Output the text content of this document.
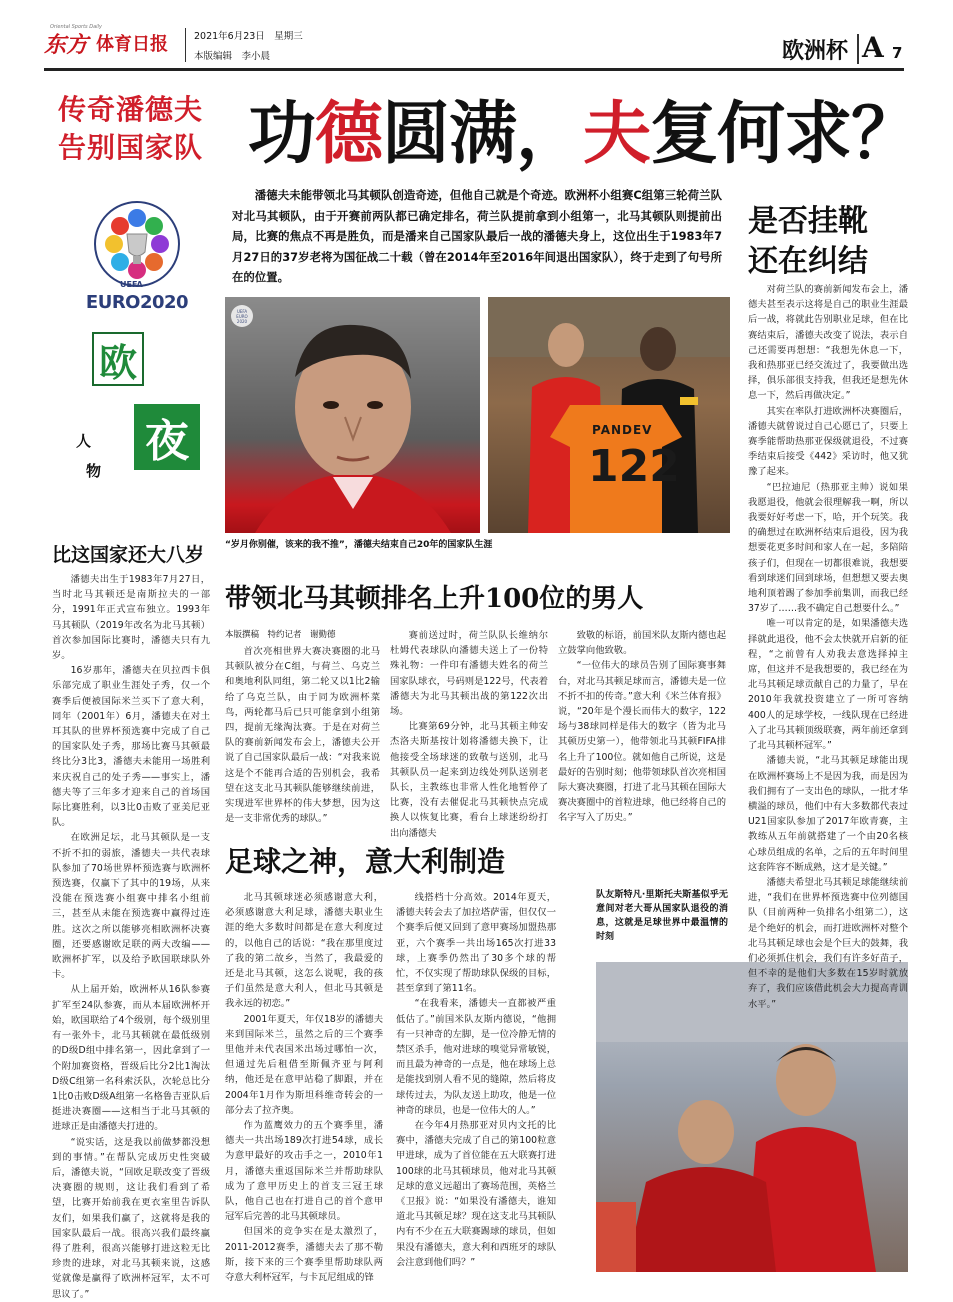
东方 体育日报
Oriental Sports Daily
2021年6月23日　星期三
本版编辑　李小晨	欧洲杯 A 7
传奇潘德夫
告别国家队 功德圆满，夫复何求？
潘德夫未能带领北马其顿队创造奇迹，但他自己就是个奇迹。欧洲杯小组赛C组第三轮荷兰队对北马其顿队，由于开赛前两队都已确定排名，荷兰队提前拿到小组第一，北马其顿队则提前出局，比赛的焦点不再是胜负，而是潘来自己国家队最后一战的潘德夫身上，这位出生于1983年7月27日的37岁老将为国征战二十载（曾在2014年至2016年间退出国家队），终于走到了句号所在的位置。
是否挂靴
还在纠结
UEFA
EURO2020
欧
夜
人
物
UEFA EURO 2020
“岁月你别催，该来的我不推”，潘德夫结束自己20年的国家队生涯
PANDEV
122
比这国家还大八岁

潘德夫出生于1983年7月27日，当时北马其顿还是南斯拉夫的一部分，1991年正式宣布独立。1993年马其顿队（2019年改名为北马其顿）首次参加国际比赛时，潘德夫只有九岁。

16岁那年，潘德夫在贝拉西卡俱乐部完成了职业生涯处子秀，仅一个赛季后便被国际米兰买下了意大利，同年（2001年）6月，潘德夫在对土耳其队的世界杯预选赛中完成了自己的国家队处子秀，那场比赛马其顿最终比分3比3，潘德夫未能用一场胜利来庆祝自己的处子秀——事实上，潘德夫等了三年多才迎来自己的首场国际比赛胜利，以3比0击败了亚美尼亚队。

在欧洲足坛，北马其顿队是一支不折不扣的弱旅，潘德夫一共代表球队参加了70场世界杯预选赛与欧洲杯预选赛，仅赢下了其中的19场，从来没能在预选赛小组赛中排名小组前三，甚至从未能在预选赛中赢得过连胜。这次之所以能够亮相欧洲杯决赛圈，还要感谢欧足联的两大改编——欧洲杯扩军，以及给予欧国联球队外卡。

从上届开始，欧洲杯从16队参赛扩军至24队参赛，而从本届欧洲杯开始，欧国联给了4个级别，每个级别里有一张外卡，北马其顿就在最低级别的D级D组中排名第一，因此拿到了一个附加赛资格，晋级后比分2比1淘汰D级C组第一名科索沃队，次轮总比分1比0击败D级A组第一名格鲁吉亚队后挺进决赛圈——这相当于北马其顿的进球正是由潘德夫打进的。

“说实话，这是我以前做梦都没想到的事情。”在帮队完成历史性突破后，潘德夫说，“回欧足联改变了晋级决赛圈的规则，这让我们看到了希望，比赛开始前我在更衣室里告诉队友们，如果我们赢了，这就将是我的国家队最后一战。很高兴我们最终赢得了胜利，很高兴能够打进这粒无比珍贵的进球，对北马其顿来说，这感觉就像是赢得了欧洲杯冠军，太不可思议了。”

带领北马其顿排名上升100位的男人
本版撰稿　特约记者　谢勤德

首次亮相世界大赛决赛圈的北马其顿队被分在C组，与荷兰、乌克兰和奥地利队同组，第二轮又以1比2输给了乌克兰队，由于同为欧洲杯菜鸟，两轮都马后已只可能拿到小组第四，提前无缘淘汰赛。于是在对荷兰队的赛前新闻发布会上，潘德夫公开说了自己国家队最后一战：“对我来说这是个不能再合适的告别机会，我希望在这支北马其顿队能够继续前进，实现进军世界杯的伟大梦想，因为这是一支非常优秀的球队。”

赛前送过时，荷兰队队长维纳尔杜姆代表球队向潘德夫送上了一份特殊礼物：一件印有潘德夫姓名的荷兰国家队球衣，号码则是122号，代表着潘德夫为北马其顿出战的第122次出场。

比赛第69分钟，北马其顿主帅安杰洛夫斯基按计划将潘德夫换下，让他接受全场球迷的致敬与送别，北马其顿队员一起来到边线处列队送别老队长，主教练也非常人性化地暂停了比赛，没有去催促北马其顿快点完成换人以恢复比赛，看台上球迷纷纷打出向潘德夫

致敬的标语，前国米队友斯内德也起立鼓掌向他致敬。

“一位伟大的球员告别了国际赛事舞台，对北马其顿足球而言，潘德夫是一位不折不扣的传奇。”意大利《米兰体育报》说，“20年是个漫长而伟大的数字，122场与38球同样是伟大的数字（皆为北马其顿历史第一），他带领北马其顿FIFA排名上升了100位。就如他自己所说，这是最好的告别时刻；他带领球队首次亮相国际大赛决赛圈，打进了北马其顿在国际大赛决赛圈中的首粒进球，他已经将自己的名字写入了历史。”

足球之神，意大利制造

北马其顿球迷必须感谢意大利，必须感谢意大利足球，潘德夫职业生涯的绝大多数时间都是在意大利度过的，以他自己的话说：“我在那里度过了我的第二故乡，当然了，我最爱的还是北马其顿，这怎么说呢，我的孩子们虽然是意大利人，但北马其顿是我永远的初恋。”

2001年夏天，年仅18岁的潘德夫来到国际米兰，虽然之后的三个赛季里他并未代表国米出场过哪怕一次，但通过先后租借至斯佩齐亚与阿利纳，他还是在意甲站稳了脚跟，并在2004年1月作为斯坦科维奇转会的一部分去了拉齐奥。

作为蓝鹰效力的五个赛季里，潘德夫一共出场189次打进54球，成长为意甲最好的攻击手之一，2010年1月，潘德夫重返国际米兰并帮助球队成为了意甲历史上的首支三冠王球队，他自己也在打进自己的首个意甲冠军后完善的北马其顿球员。

但国米的竞争实在是太激烈了，2011-2012赛季，潘德夫去了那不勒斯，接下来的三个赛季里帮助球队两夺意大利杯冠军，与卡瓦尼组成的锋

线搭档十分高效。2014年夏天，潘德夫转会去了加拉塔萨雷，但仅仅一个赛季后便又回到了意甲赛场加盟热那亚，六个赛季一共出场165次打进33球，上赛季仍然出了30多个球的帮忙，不仅实现了帮助球队保级的目标，甚至拿到了第11名。

“在我看来，潘德夫一直都被严重低估了。”前国米队友斯内德说，“他拥有一只神奇的左脚，是一位冷静无情的禁区杀手，他对进球的嗅觉异常敏锐，而且最为神奇的一点是，他在球场上总是能找到别人看不见的缝隙，然后将皮球传过去，为队友送上助攻，他是一位神奇的球员，也是一位伟大的人。”

在今年4月热那亚对贝内文托的比赛中，潘德夫完成了自己的第100粒意甲进球，成为了首位能在五大联赛打进100球的北马其顿球员，他对北马其顿足球的意义远超出了赛场范围，英格兰《卫报》说：“如果没有潘德夫，谁知道北马其顿足球？现在这支北马其顿队内有不少在五大联赛踢球的球员，但如果没有潘德夫，意大利和西班牙的球队会注意到他们吗？”

队友斯特凡·里斯托夫斯基似乎无意间对老大哥从国家队退役的消息，这就是足球世界中最温情的时刻

对荷兰队的赛前新闻发布会上，潘德夫甚至表示这将是自己的职业生涯最后一战，将就此告别职业足球，但在比赛结束后，潘德夫改变了说法，表示自己还需要再想想：“我想先休息一下，我和热那亚已经交流过了，我要做出选择，俱乐部很支持我，但我还是想先休息一下，然后再做决定。”

其实在率队打进欧洲杯决赛圈后，潘德夫就曾说过自己心愿已了，只要上赛季能帮助热那亚保级就退役，不过赛季结束后接受《442》采访时，他又犹豫了起来。

“巴拉迪尼（热那亚主帅）说如果我愿退役，他就会很理解我一啊，所以我要好好考虑一下，哈，开个玩笑。我的确想过在欧洲杯结束后退役，因为我想要花更多时间和家人在一起，多陪陪孩子们，但现在一切都很难说，我想要看到球迷们回到球场，但想想又要去奥地利顶着踢了参加季前集训，而我已经37岁了……我不确定自己想要什么。”

唯一可以肯定的是，如果潘德夫选择就此退役，他不会太快就开启新的征程，“之前曾有人劝我去意选择掉主席，但这并不是我想要的，我已经在为北马其顿足球贡献自己的力量了，早在2010年我就投资建立了一所可容纳400人的足球学校，一线队现在已经进入了北马其顿顶级联赛，两年前还拿到了北马其顿杯冠军。”

潘德夫说，“北马其顿足球能出现在欧洲杯赛场上不是因为我，而是因为我们拥有了一支出色的球队，一批才华横溢的球员，他们中有大多数都代表过U21国家队参加了2017年欧青赛，主教练从五年前就搭建了一个由20名核心球员组成的名单，之后的五年时间里这套阵容不断成熟，这才是关键。”

潘德夫希望北马其顿足球能继续前进，“我们在世界杯预选赛中位列德国队（目前两种一负排名小组第二），这是个绝好的机会，而打进欧洲杯对整个北马其顿足球也会是个巨大的鼓舞，我们必须抓住机会，我们有许多好苗子，但不幸的是他们大多数在15岁时就放弃了，我们应该借此机会大力提高青训水平。”
